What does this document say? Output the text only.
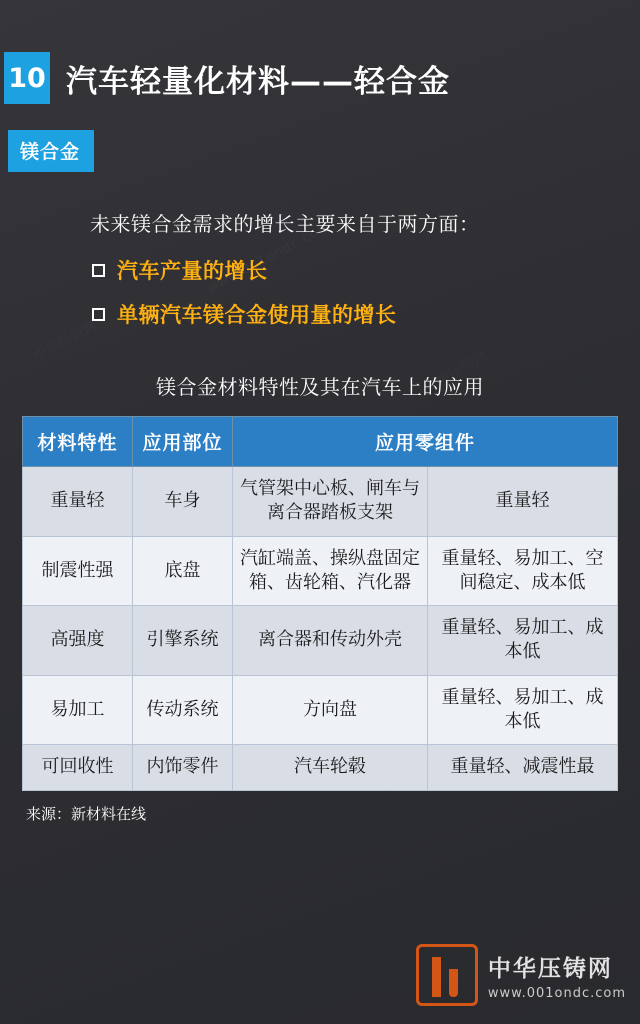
10 汽车轻量化材料——轻合金
镁合金
未来镁合金需求的增长主要来自于两方面：
汽车产量的增长
单辆汽车镁合金使用量的增长
镁合金材料特性及其在汽车上的应用
材料特性	应用部位	应用零组件	
重量轻	车身	气管架中心板、闸车与离合器踏板支架	重量轻
制震性强	底盘	汽缸端盖、操纵盘固定箱、齿轮箱、汽化器	重量轻、易加工、空间稳定、成本低
高强度	引擎系统	离合器和传动外壳	重量轻、易加工、成本低
易加工	传动系统	方向盘	重量轻、易加工、成本低
可回收性	内饰零件	汽车轮毂	重量轻、减震性最
来源：新材料在线
中华压铸网
www.001ondc.com
